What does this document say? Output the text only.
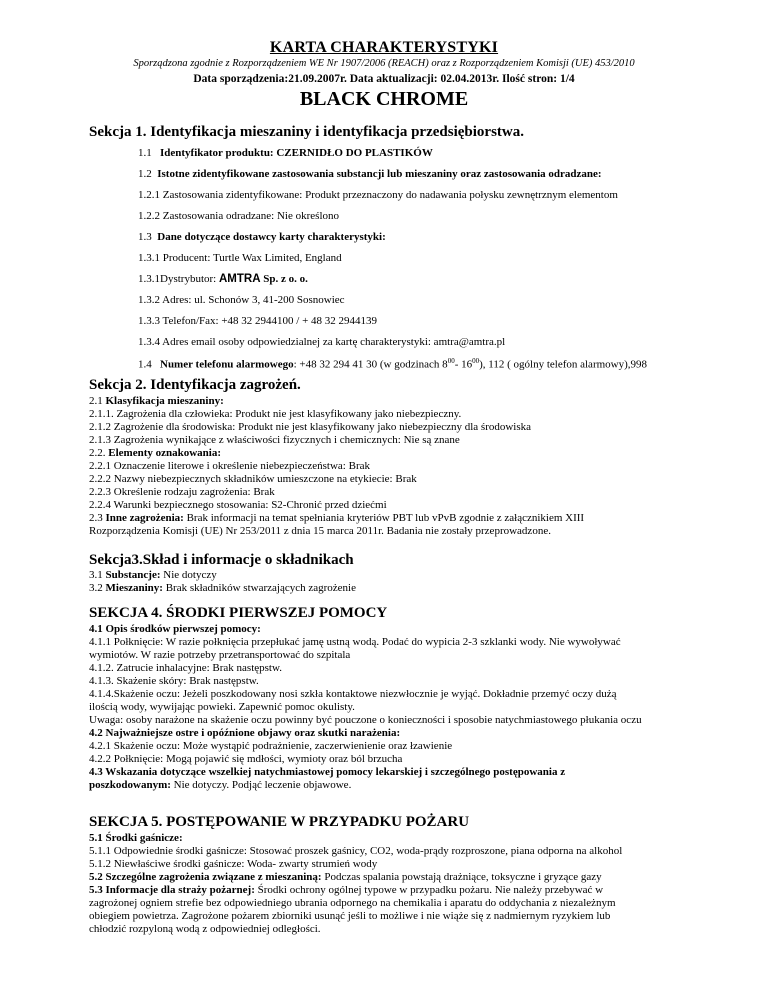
KARTA CHARAKTERYSTYKI
Sporządzona zgodnie z Rozporządzeniem WE Nr 1907/2006 (REACH) oraz z Rozporządzeniem Komisji (UE) 453/2010
Data sporządzenia:21.09.2007r. Data aktualizacji: 02.04.2013r. Ilość stron: 1/4
BLACK CHROME
Sekcja 1. Identyfikacja mieszaniny i identyfikacja przedsiębiorstwa.
1.1 Identyfikator produktu: CZERNIDŁO DO PLASTIKÓW
1.2 Istotne zidentyfikowane zastosowania substancji lub mieszaniny oraz zastosowania odradzane:
1.2.1 Zastosowania zidentyfikowane: Produkt przeznaczony do nadawania połysku zewnętrznym elementom
1.2.2 Zastosowania odradzane: Nie określono
1.3 Dane dotyczące dostawcy karty charakterystyki:
1.3.1 Producent: Turtle Wax Limited, England
1.3.1Dystrybutor: AMTRA Sp. z o. o.
1.3.2 Adres: ul. Schonów 3, 41-200 Sosnowiec
1.3.3 Telefon/Fax: +48 32 2944100 / + 48 32 2944139
1.3.4 Adres email osoby odpowiedzialnej za kartę charakterystyki: amtra@amtra.pl
1.4 Numer telefonu alarmowego: +48 32 294 41 30 (w godzinach $8^{00}-$ $16^{00}$), 112 ( ogólny telefon alarmowy),998
Sekcja 2. Identyfikacja zagrożeń.
2.1 Klasyfikacja mieszaniny:
2.1.1. Zagrożenia dla człowieka: Produkt nie jest klasyfikowany jako niebezpieczny.
2.1.2 Zagrożenie dla środowiska: Produkt nie jest klasyfikowany jako niebezpieczny dla środowiska
2.1.3 Zagrożenia wynikające z właściwości fizycznych i chemicznych: Nie są znane
2.2. Elementy oznakowania:
2.2.1 Oznaczenie literowe i określenie niebezpieczeństwa: Brak
2.2.2 Nazwy niebezpiecznych składników umieszczone na etykiecie: Brak
2.2.3 Określenie rodzaju zagrożenia: Brak
2.2.4 Warunki bezpiecznego stosowania: S2-Chronić przed dziećmi
2.3 Inne zagrożenia: Brak informacji na temat spełniania kryteriów PBT lub vPvB zgodnie z załącznikiem XIII
Rozporządzenia Komisji (UE) Nr 253/2011 z dnia 15 marca 2011r. Badania nie zostały przeprowadzone.
Sekcja3.Skład i informacje o składnikach
3.1 Substancje: Nie dotyczy
3.2 Mieszaniny: Brak składników stwarzających zagrożenie
SEKCJA 4. ŚRODKI PIERWSZEJ POMOCY
4.1 Opis środków pierwszej pomocy:
4.1.1 Połknięcie: W razie połknięcia przepłukać jamę ustną wodą. Podać do wypicia 2-3 szklanki wody. Nie wywoływać
wymiotów. W razie potrzeby przetransportować do szpitala
4.1.2. Zatrucie inhalacyjne: Brak następstw.
4.1.3. Skażenie skóry: Brak następstw.
4.1.4.Skażenie oczu: Jeżeli poszkodowany nosi szkła kontaktowe niezwłocznie je wyjąć. Dokładnie przemyć oczy dużą
ilością wody, wywijając powieki. Zapewnić pomoc okulisty.
Uwaga: osoby narażone na skażenie oczu powinny być pouczone o konieczności i sposobie natychmiastowego płukania oczu
4.2 Najważniejsze ostre i opóźnione objawy oraz skutki narażenia:
4.2.1 Skażenie oczu: Może wystąpić podrażnienie, zaczerwienienie oraz łzawienie
4.2.2 Połknięcie: Mogą pojawić się mdłości, wymioty oraz ból brzucha
4.3 Wskazania dotyczące wszelkiej natychmiastowej pomocy lekarskiej i szczególnego postępowania z
poszkodowanym: Nie dotyczy. Podjąć leczenie objawowe.
SEKCJA 5. POSTĘPOWANIE W PRZYPADKU POŻARU
5.1 Środki gaśnicze:
5.1.1 Odpowiednie środki gaśnicze: Stosować proszek gaśnicy, CO2, woda-prądy rozproszone, piana odporna na alkohol
5.1.2 Niewłaściwe środki gaśnicze: Woda- zwarty strumień wody
5.2 Szczególne zagrożenia związane z mieszaniną: Podczas spalania powstają drażniące, toksyczne i gryzące gazy
5.3 Informacje dla straży pożarnej: Środki ochrony ogólnej typowe w przypadku pożaru. Nie należy przebywać w
zagrożonej ogniem strefie bez odpowiedniego ubrania odpornego na chemikalia i aparatu do oddychania z niezależnym
obiegiem powietrza. Zagrożone pożarem zbiorniki usunąć jeśli to możliwe i nie wiąże się z nadmiernym ryzykiem lub
chłodzić rozpyloną wodą z odpowiedniej odległości.
